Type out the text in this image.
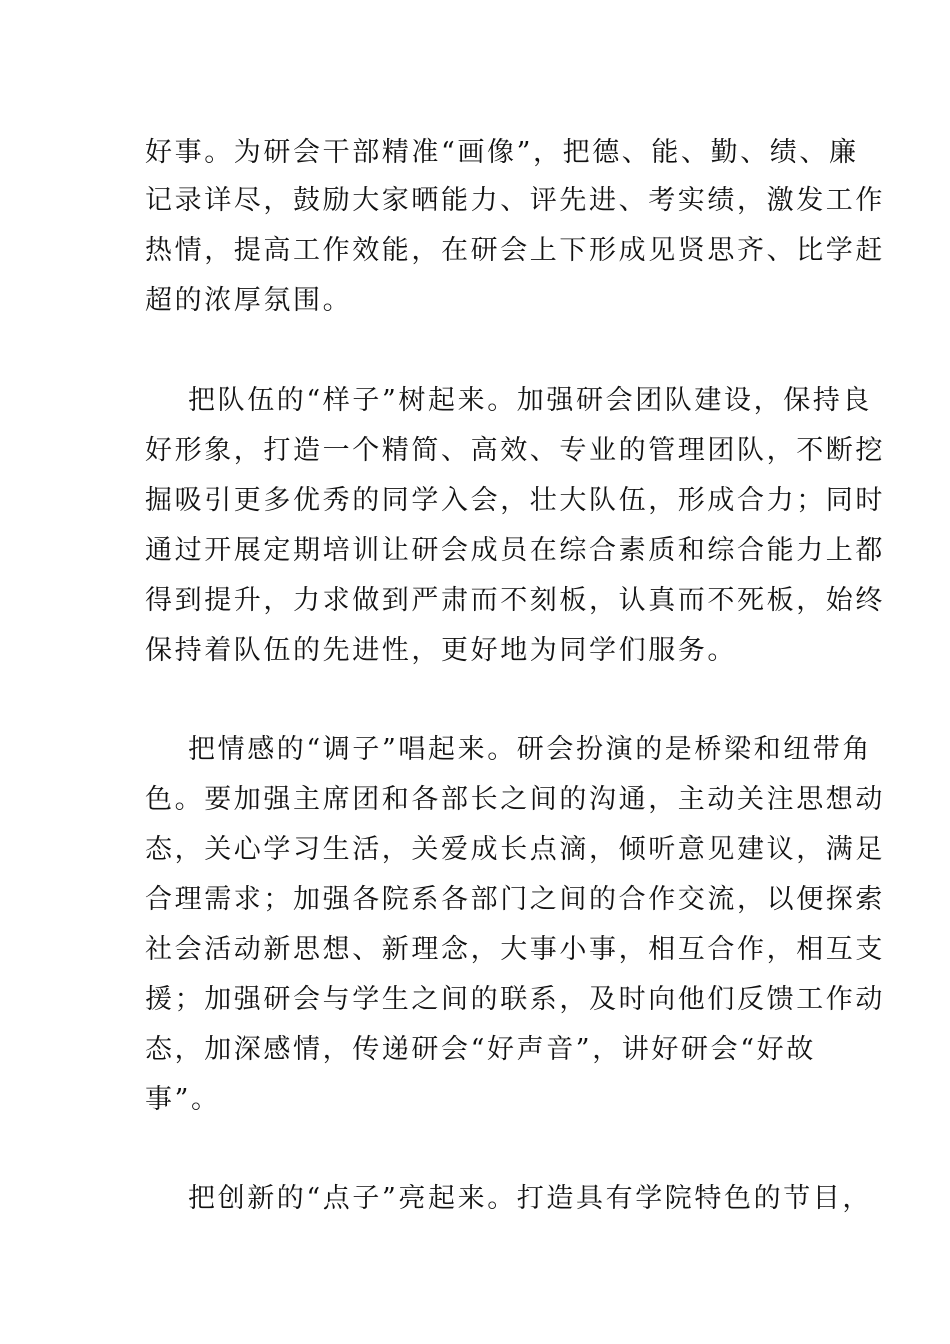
好事。为研会干部精准“画像”，把德、能、勤、绩、廉
记录详尽，鼓励大家晒能力、评先进、考实绩，激发工作
热情，提高工作效能，在研会上下形成见贤思齐、比学赶
超的浓厚氛围。
把队伍的“样子”树起来。加强研会团队建设，保持良
好形象，打造一个精简、高效、专业的管理团队，不断挖
掘吸引更多优秀的同学入会，壮大队伍，形成合力；同时
通过开展定期培训让研会成员在综合素质和综合能力上都
得到提升，力求做到严肃而不刻板，认真而不死板，始终
保持着队伍的先进性，更好地为同学们服务。
把情感的“调子”唱起来。研会扮演的是桥梁和纽带角
色。要加强主席团和各部长之间的沟通，主动关注思想动
态，关心学习生活，关爱成长点滴，倾听意见建议，满足
合理需求；加强各院系各部门之间的合作交流，以便探索
社会活动新思想、新理念，大事小事，相互合作，相互支
援；加强研会与学生之间的联系，及时向他们反馈工作动
态，加深感情，传递研会“好声音”，讲好研会“好故
事”。
把创新的“点子”亮起来。打造具有学院特色的节目，
